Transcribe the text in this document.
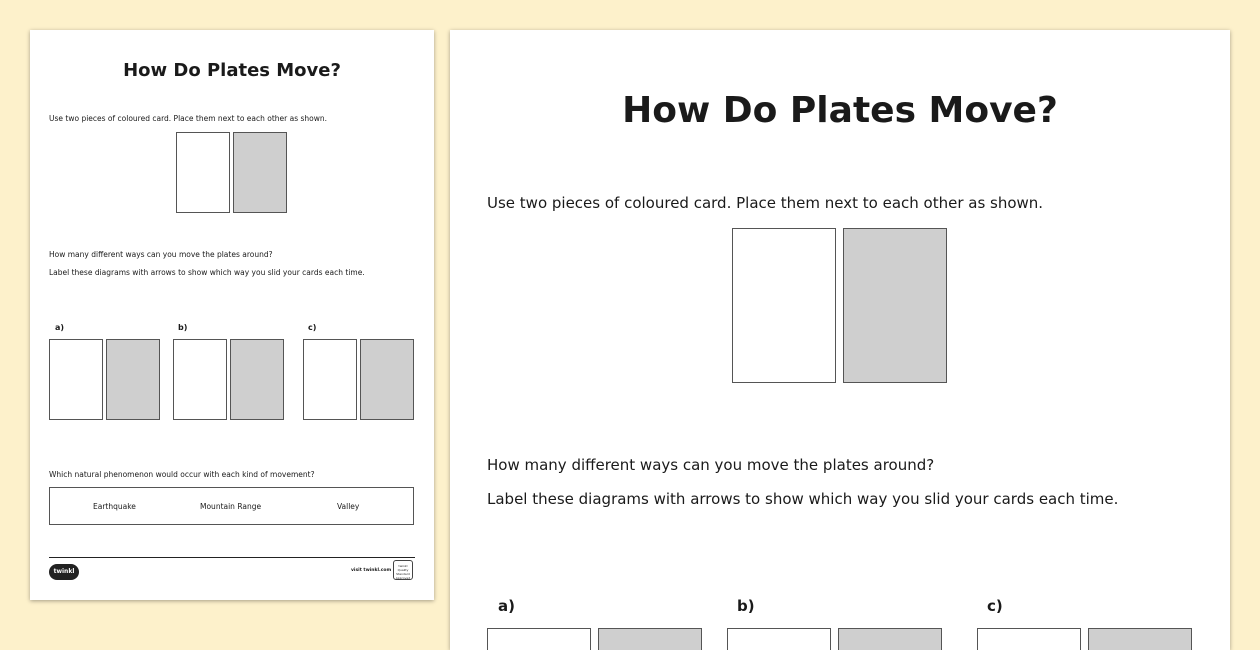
How Do Plates Move?
Use two pieces of coloured card. Place them next to each other as shown.
How many different ways can you move the plates around?
Label these diagrams with arrows to show which way you slid your cards each time.
a)	b)	c)
Which natural phenomenon would occur with each kind of movement?
Earthquake	Mountain Range	Valley
twinkl	visit twinkl.com
twinkl Quality Standard Approved
How Do Plates Move?
Use two pieces of coloured card. Place them next to each other as shown.
How many different ways can you move the plates around?
Label these diagrams with arrows to show which way you slid your cards each time.
a)	b)	c)
